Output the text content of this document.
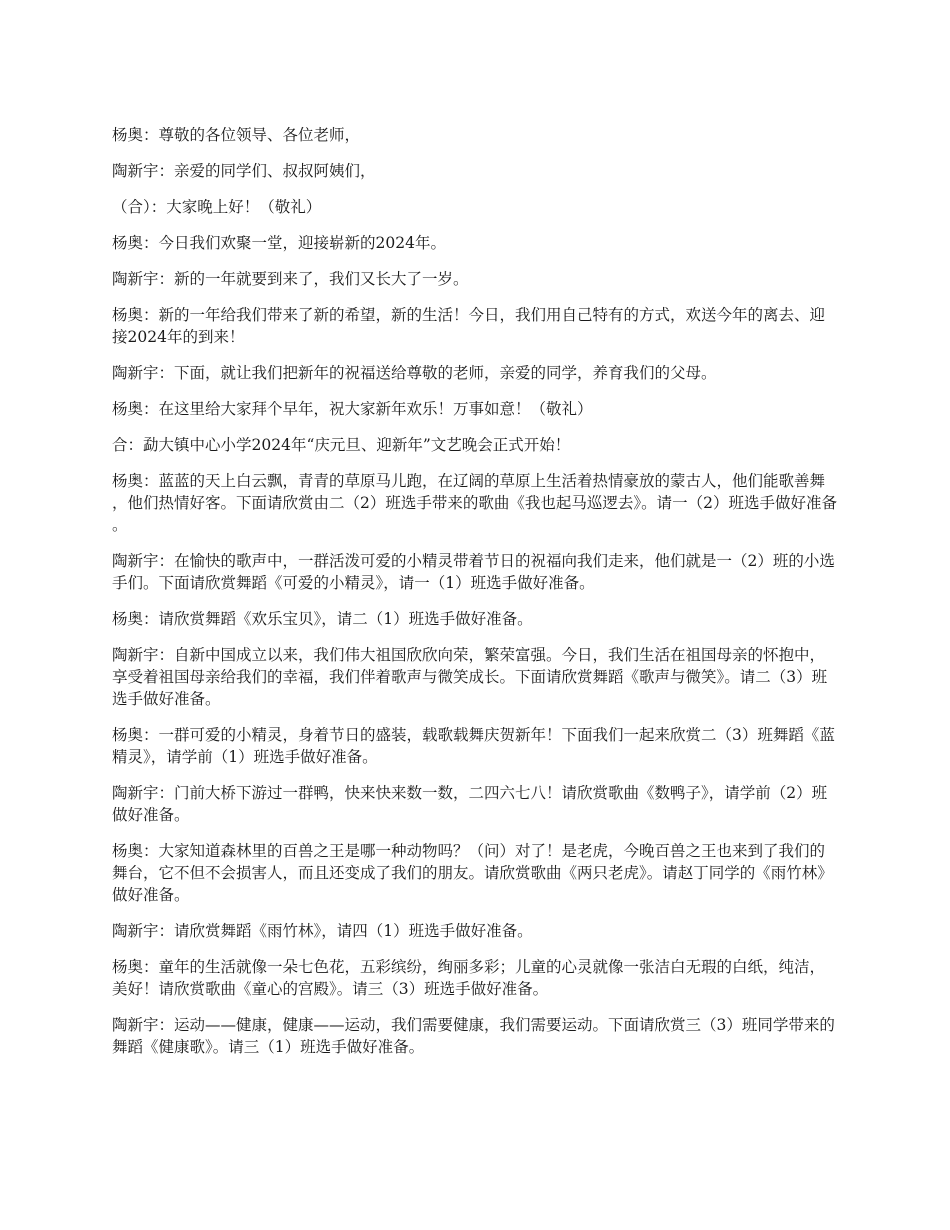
杨奥：尊敬的各位领导、各位老师，

陶新宇：亲爱的同学们、叔叔阿姨们，

（合）：大家晚上好！（敬礼）

杨奥：今日我们欢聚一堂，迎接崭新的2024年。

陶新宇：新的一年就要到来了，我们又长大了一岁。

杨奥：新的一年给我们带来了新的希望，新的生活！今日，我们用自己特有的方式，欢送今年的离去、迎接2024年的到来！

陶新宇：下面，就让我们把新年的祝福送给尊敬的老师，亲爱的同学，养育我们的父母。

杨奥：在这里给大家拜个早年，祝大家新年欢乐！万事如意！（敬礼）

合：勐大镇中心小学2024年“庆元旦、迎新年”文艺晚会正式开始！

杨奥：蓝蓝的天上白云飘，青青的草原马儿跑，在辽阔的草原上生活着热情豪放的蒙古人，他们能歌善舞，他们热情好客。下面请欣赏由二（2）班选手带来的歌曲《我也起马巡逻去》。请一（2）班选手做好准备。

陶新宇：在愉快的歌声中，一群活泼可爱的小精灵带着节日的祝福向我们走来，他们就是一（2）班的小选手们。下面请欣赏舞蹈《可爱的小精灵》，请一（1）班选手做好准备。

杨奥：请欣赏舞蹈《欢乐宝贝》，请二（1）班选手做好准备。

陶新宇：自新中国成立以来，我们伟大祖国欣欣向荣，繁荣富强。今日，我们生活在祖国母亲的怀抱中，享受着祖国母亲给我们的幸福，我们伴着歌声与微笑成长。下面请欣赏舞蹈《歌声与微笑》。请二（3）班选手做好准备。

杨奥：一群可爱的小精灵，身着节日的盛装，载歌载舞庆贺新年！下面我们一起来欣赏二（3）班舞蹈《蓝精灵》，请学前（1）班选手做好准备。

陶新宇：门前大桥下游过一群鸭，快来快来数一数，二四六七八！请欣赏歌曲《数鸭子》，请学前（2）班做好准备。

杨奥：大家知道森林里的百兽之王是哪一种动物吗？（问）对了！是老虎，今晚百兽之王也来到了我们的舞台，它不但不会损害人，而且还变成了我们的朋友。请欣赏歌曲《两只老虎》。请赵丁同学的《雨竹林》做好准备。

陶新宇：请欣赏舞蹈《雨竹林》，请四（1）班选手做好准备。

杨奥：童年的生活就像一朵七色花，五彩缤纷，绚丽多彩；儿童的心灵就像一张洁白无瑕的白纸，纯洁，美好！请欣赏歌曲《童心的宫殿》。请三（3）班选手做好准备。

陶新宇：运动——健康，健康——运动，我们需要健康，我们需要运动。下面请欣赏三（3）班同学带来的舞蹈《健康歌》。请三（1）班选手做好准备。
